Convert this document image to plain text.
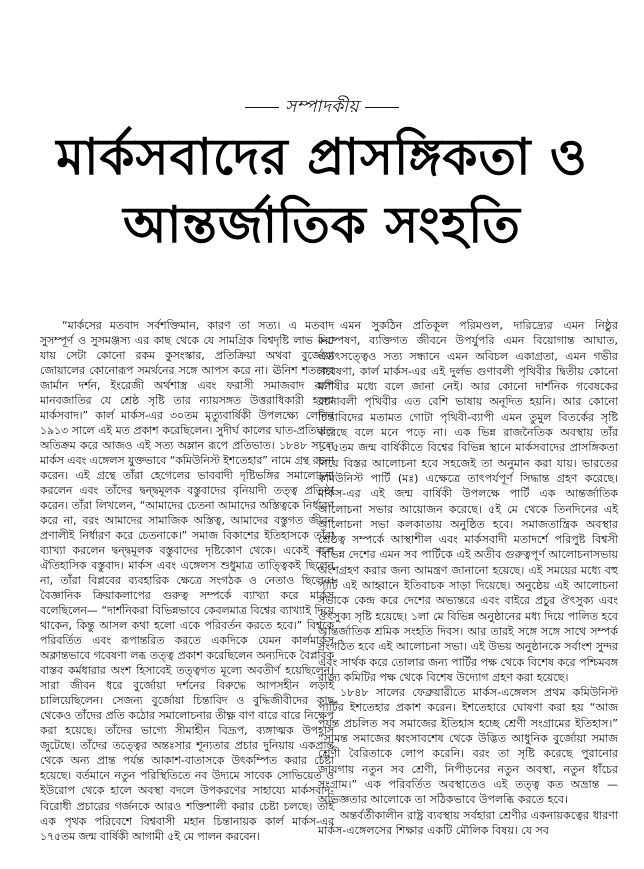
সম্পাদকীয়
মার্কসবাদের প্রাসঙ্গিকতা ও
আন্তর্জাতিক সংহতি

“মার্কসের মতবাদ সর্বশক্তিমান, কারণ তা সত্য। এ মতবাদ সুসম্পূর্ণ ও সুসমঞ্জস্য এর কাছ থেকে যে সামগ্রিক বিশ্বদৃষ্টি লাভ করা যায় সেটা কোনো রকম কুসংস্কার, প্রতিক্রিয়া অথবা বুর্জোয়া জোয়ালের কোনোরূপ সমর্থনের সঙ্গে আপস করে না। ঊনিশ শতকের জার্মান দর্শন, ইংরেজী অর্থশাস্ত্র এবং ফরাসী সমাজবাদ রূপে মানবজাতির যে শ্রেষ্ঠ সৃষ্টি তার ন্যায়সঙ্গত উত্তরাধিকারী হলো মার্কসবাদ।” কার্ল মার্কস-এর ৩০তম মৃত্যুবার্ষিকী উপলক্ষ্যে লেনিন ১৯১৩ সালে এই মত প্রকাশ করেছিলেন। সুদীর্ঘ কালের ঘাত-প্রতিঘাত অতিক্রম করে আজও এই সত্য অম্লান রূপে প্রতিভাত। ১৮৪৮ সালে মার্কস এবং এঙ্গেলস যুক্তভাবে “কমিউনিস্ট ইশতেহার” নামে গ্রন্থ রচনা করেন। এই গ্রন্থে তাঁরা হেগেলের ভাববাদী দৃষ্টিভঙ্গির সমালোচনা করলেন এবং তাঁদের দ্বন্দ্বমূলক বস্তুবাদের বৃনিয়াদী তত্ত্ব প্রতিষ্ঠা করেন। তাঁরা লিখলেন, “আমাদের চেতনা আমাদের অস্তিত্বকে নির্ধারণ করে না, বরং আমাদের সামাজিক অস্তিত্ব, আমাদের বস্তুগত জীবন প্রণালীই নির্ধারণ করে চেতনাকে।” সমাজ বিকাশের ইতিহাসকে তাঁরা ব্যাখ্যা করলেন দ্বন্দ্বমূলক বস্তুবাদের দৃষ্টিকোণ থেকে। একেই বলে ঐতিহাসিক বস্তুবাদ। মার্কস এবং এঙ্গেলস শুধুমাত্র তাত্ত্বিকই ছিলেন না, তাঁরা বিপ্লবের ব্যবহারিক ক্ষেত্রে সংগঠক ও নেতাও ছিলেন। বৈজ্ঞানিক ক্রিয়াকলাপের গুরুত্ব সম্পর্কে ব্যাখ্যা করে মার্কস বলেছিলেন— “দার্শনিকরা বিভিন্নভাবে কেবলমাত্র বিশ্বের ব্যাখ্যাই দিয়ে থাকেন, কিন্তু আসল কথা হলো একে পরিবর্তন করতে হবে।” বিশ্বকে পরিবর্তিত এবং রূপান্তরিত করতে একদিকে যেমন কার্লমার্কস অক্লান্তভাবে গবেষণা লব্ধ তত্ত্ব প্রকাশ করেছিলেন অন্যদিকে বৈপ্লবিক বাস্তব কর্মধারার অংশ হিসাবেই তত্ত্বগত মূল্যে অবতীর্ণ হয়েছিলেন। সারা জীবন ধরে বুর্জোয়া দর্শনের বিরুদ্ধে আপসহীন লড়াই চালিয়েছিলেন। সেজন্য বুর্জোয়া চিন্তাবিদ ও বুদ্ধিজীবীদের কাছ থেকেও তাঁদের প্রতি কঠোর সমালোচনার তীক্ষ্ণ বাণ বারে বারে নিক্ষেপ করা হয়েছে। তাঁদের ভাগ্যে সীমাহীন বিদ্রূপ, ব্যঙ্গাত্মক উপহাস জুটেছে। তাঁদের তত্ত্বের অন্তঃসার শূন্যতার প্রচার দুনিয়ায় একপ্রান্ত থেকে অন্য প্রান্ত পর্যন্ত আকাশ-বাতাসকে উৎকম্পিত করার চেষ্টা হয়েছে। বর্তমানে নতুন পরিস্থিতিতে নব উদ্যমে সাবেক সোভিয়েত ও ইউরোপ থেকে হালে অবস্থা বদলে উপকরণের সাহায্যে মার্কসবাদ-বিরোধী প্রচারের গর্জনকে আরও শক্তিশালী করার চেষ্টা চলছে। তাই এক পৃথক পরিবেশে বিশ্ববাসী মহান চিন্তানায়ক কার্ল মার্কস-এর ১৭৫তম জন্ম বার্ষিকী আগামী ৫ই মে পালন করবেন।

এমন সুকঠিন প্রতিকূল পরিমণ্ডল, দারিদ্র্যের এমন নিষ্ঠুর নিষ্পেষণ, ব্যক্তিগত জীবনে উপর্যুপরি এমন বিয়োগান্ত আঘাত, এতৎসত্ত্বেও সত্য সন্ধানে এমন অবিচল একাগ্রতা, এমন গভীর গবেষণা, কার্ল মার্কস-এর এই দুর্লভ গুণাবলী পৃথিবীর দ্বিতীয় কোনো মণীষীর মধ্যে বলে জানা নেই। আর কোনো দার্শনিক গবেষকের রচনাবলী পৃথিবীর এত বেশি ভাষায় অনূদিত হয়নি। আর কোনো চিন্তাবিদের মতামত গোটা পৃথিবী-ব্যাপী এমন তুমুল বিতর্কের সৃষ্টি করেছে বলে মনে পড়ে না। এক ভিন্ন রাজনৈতিক অবস্থায় তাঁর ১৭৫তম জন্ম বার্ষিকীতে বিশ্বের বিভিন্ন স্থানে মার্কসবাদের প্রাসঙ্গিকতা নিয়ে বিস্তর আলোচনা হবে সহজেই তা অনুমান করা যায়। ভারতের কমিউনিস্ট পার্টি (মঃ) এক্ষেত্রে তাৎপর্যপূর্ণ সিদ্ধান্ত গ্রহণ করেছে। মার্কস-এর এই জন্ম বার্ষিকী উপলক্ষে পার্টি এক আন্তর্জাতিক আলোচনা সভার আয়োজন করেছে। ৫ই মে থেকে তিনদিনের এই আলোচনা সভা কলকাতায় অনুষ্ঠিত হবে। সমাজতান্ত্রিক অবস্থার শ্রেষ্ঠত্ব সম্পর্কে আস্থাশীল এবং মার্কসবাদী মতাদর্শে পরিপুষ্ট বিশ্বসী বিভিন্ন দেশের এমন সব পার্টিকে এই অতীব গুরুত্বপূর্ণ আলোচনাসভায় অংশগ্রহণ করার জন্য আমন্ত্রণ জানানো হয়েছে। এই সময়ের মধ্যে বহু পার্টি এই আহ্বানে ইতিবাচক সাড়া দিয়েছে। অনুষ্ঠেয় এই আলোচনা সভাকে কেন্দ্র করে দেশের অভ্যন্তরে এবং বাইরে প্রচুর ঔৎসুক্য এবং ঔৎসুক্য সৃষ্টি হয়েছে। ১লা মে বিভিন্ন অনুষ্ঠানের মধ্য দিয়ে পালিত হবে আন্তর্জাতিক শ্রমিক সংহতি দিবস। আর তারই সঙ্গে সঙ্গে সাথে সম্পর্ক সংগঠিত হবে এই আলোচনা সভা। এই উভয় অনুষ্ঠানকে সর্বাংশ সুন্দর এবং সার্থক করে তোলার জন্য পার্টির পক্ষ থেকে বিশেষ করে পশ্চিমবঙ্গ রাজ্য কমিটির পক্ষ থেকে বিশেষ উদ্যোগ গ্রহণ করা হয়েছে।

১৮৪৮ সালের ফেব্রুয়ারীতে মার্কস-এঙ্গেলস প্রথম কমিউনিস্ট পার্টির ইশতেহার প্রকাশ করেন। ইশতেহারে ঘোষণা করা হয় “আজ পর্যন্ত প্রচলিত সব সমাজের ইতিহাস হচ্ছে শ্রেণী সংগ্রামের ইতিহাস।” “সামন্ত সমাজের ধ্বংসাবশেষ থেকে উদ্ভিত আধুনিক বুর্জোয়া সমাজ শ্রেণী বৈরিতাকে লোপ করেনি। বরং তা সৃষ্টি করেছে পুরানোর জায়গায় নতুন সব শ্রেণী, নিপীড়নের নতুন অবস্থা, নতুন ধাঁচের সংগ্রাম।” এক পরিবর্তিত অবস্থাতেও এই তত্ত্ব কত অভ্রান্ত — অভিজ্ঞতার আলোকে তা সঠিকভাবে উপলব্ধি করতে হবে।

অন্তর্বর্তীকালীন রাষ্ট্র ব্যবস্থায় সর্বহারা শ্রেণীর একনায়কত্বের ধারণা মার্কস-এঙ্গেলসের শিক্ষার একটি মৌলিক বিষয়। যে সব
